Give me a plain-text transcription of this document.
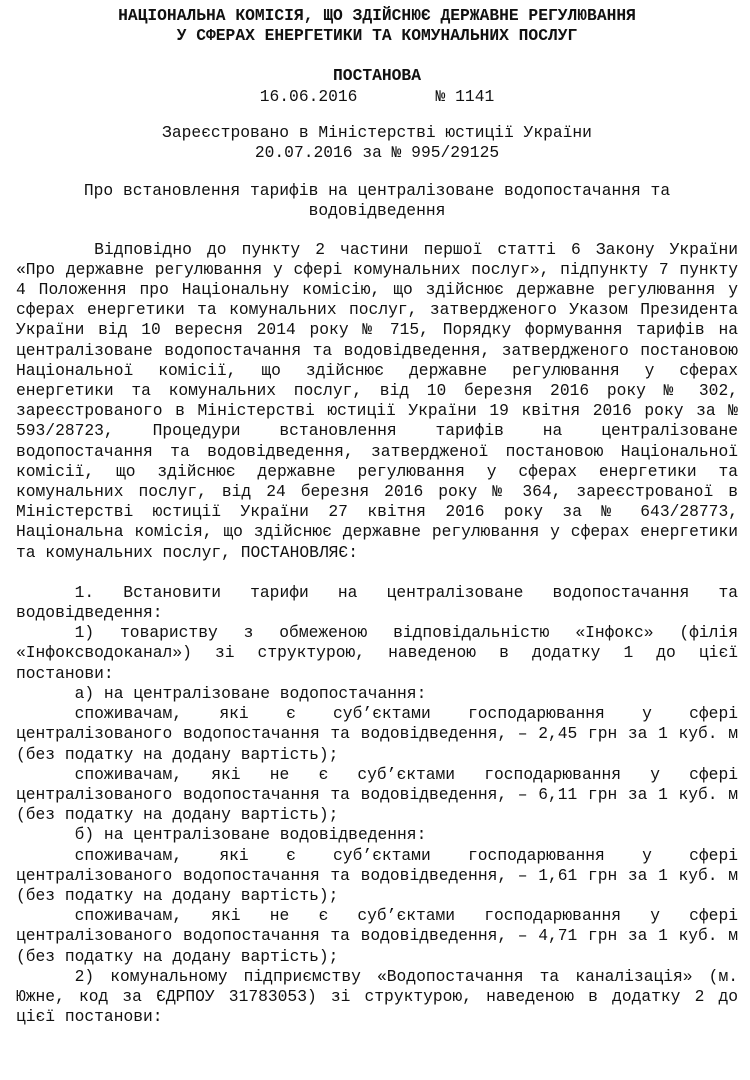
НАЦІОНАЛЬНА КОМІСІЯ, ЩО ЗДІЙСНЮЄ ДЕРЖАВНЕ РЕГУЛЮВАННЯ
У СФЕРАХ ЕНЕРГЕТИКИ ТА КОМУНАЛЬНИХ ПОСЛУГ
ПОСТАНОВА
16.06.2016        № 1141
Зареєстровано в Міністерстві юстиції України
20.07.2016 за № 995/29125
Про встановлення тарифів на централізоване водопостачання та водовідведення

Відповідно до пункту 2 частини першої статті 6 Закону України «Про державне регулювання у сфері комунальних послуг», підпункту 7 пункту 4 Положення про Національну комісію, що здійснює державне регулювання у сферах енергетики та комунальних послуг, затвердженого Указом Президента України від 10 вересня 2014 року № 715, Порядку формування тарифів на централізоване водопостачання та водовідведення, затвердженого постановою Національної комісії, що здійснює державне регулювання у сферах енергетики та комунальних послуг, від 10 березня 2016 року № 302, зареєстрованого в Міністерстві юстиції України 19 квітня 2016 року за № 593/28723, Процедури встановлення тарифів на централізоване водопостачання та водовідведення, затвердженої постановою Національної комісії, що здійснює державне регулювання у сферах енергетики та комунальних послуг, від 24 березня 2016 року № 364, зареєстрованої в Міністерстві юстиції України 27 квітня 2016 року за № 643/28773, Національна комісія, що здійснює державне регулювання у сферах енергетики та комунальних послуг, ПОСТАНОВЛЯЄ:

1. Встановити тарифи на централізоване водопостачання та водовідведення:

1) товариству з обмеженою відповідальністю «Інфокс» (філія «Інфоксводоканал») зі структурою, наведеною в додатку 1 до цієї постанови:

а) на централізоване водопостачання:

споживачам, які є суб’єктами господарювання у сфері централізованого водопостачання та водовідведення, – 2,45 грн за 1 куб. м (без податку на додану вартість);

споживачам, які не є суб’єктами господарювання у сфері централізованого водопостачання та водовідведення, – 6,11 грн за 1 куб. м (без податку на додану вартість);

б) на централізоване водовідведення:

споживачам, які є суб’єктами господарювання у сфері централізованого водопостачання та водовідведення, – 1,61 грн за 1 куб. м (без податку на додану вартість);

споживачам, які не є суб’єктами господарювання у сфері централізованого водопостачання та водовідведення, – 4,71 грн за 1 куб. м (без податку на додану вартість);

2) комунальному підприємству «Водопостачання та каналізація» (м. Южне, код за ЄДРПОУ 31783053) зі структурою, наведеною в додатку 2 до цієї постанови:
